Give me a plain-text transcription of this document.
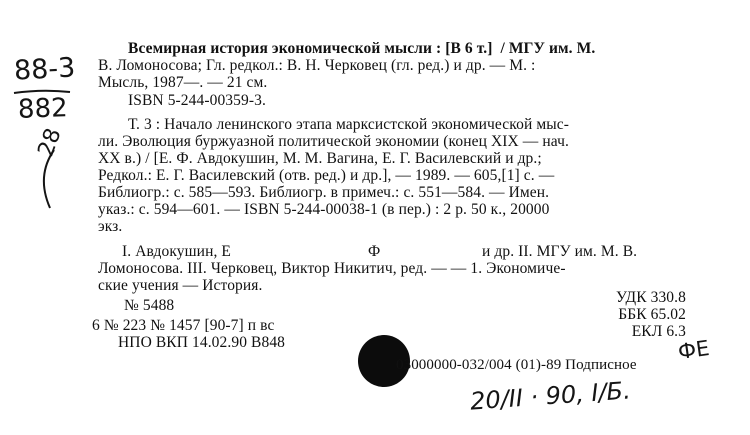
88-3
882
28
Всемирная история экономической мысли : [В 6 т.]  / МГУ им. М.
В. Ломоносова; Гл. редкол.: В. Н. Черковец (гл. ред.) и др. — М. :
Мысль, 1987—. — 21 см.
ISBN 5-244-00359-3.
Т. 3 : Начало ленинского этапа марксистской экономической мыс-
ли. Эволюция буржуазной политической экономии (конец XIX — нач.
XX в.) / [Е. Ф. Авдокушин, М. М. Вагина, Е. Г. Василевский и др.;
Редкол.: Е. Г. Василевский (отв. ред.) и др.], — 1989. — 605,[1] с. —
Библиогр.: с. 585—593. Библиогр. в примеч.: с. 551—584. — Имен.
указ.: с. 594—601. — ISBN 5-244-00038-1 (в пер.) : 2 р. 50 к., 20000
экз.
I. Авдокушин, Е	Ф	и др. II. МГУ им. М. В.
Ломоносова. III. Черковец, Виктор Никитич, ред. — — 1. Экономиче-
ские учения — История.
УДК 330.8
№ 5488
ББК 65.02
6 № 223 № 1457 [90-7] п вс	ЕКЛ 6.3
НПО ВКП 14.02.90 В848
03000000-032/004 (01)-89 Подписное
ФЕ
20/ІІ · 90, I/Б.
